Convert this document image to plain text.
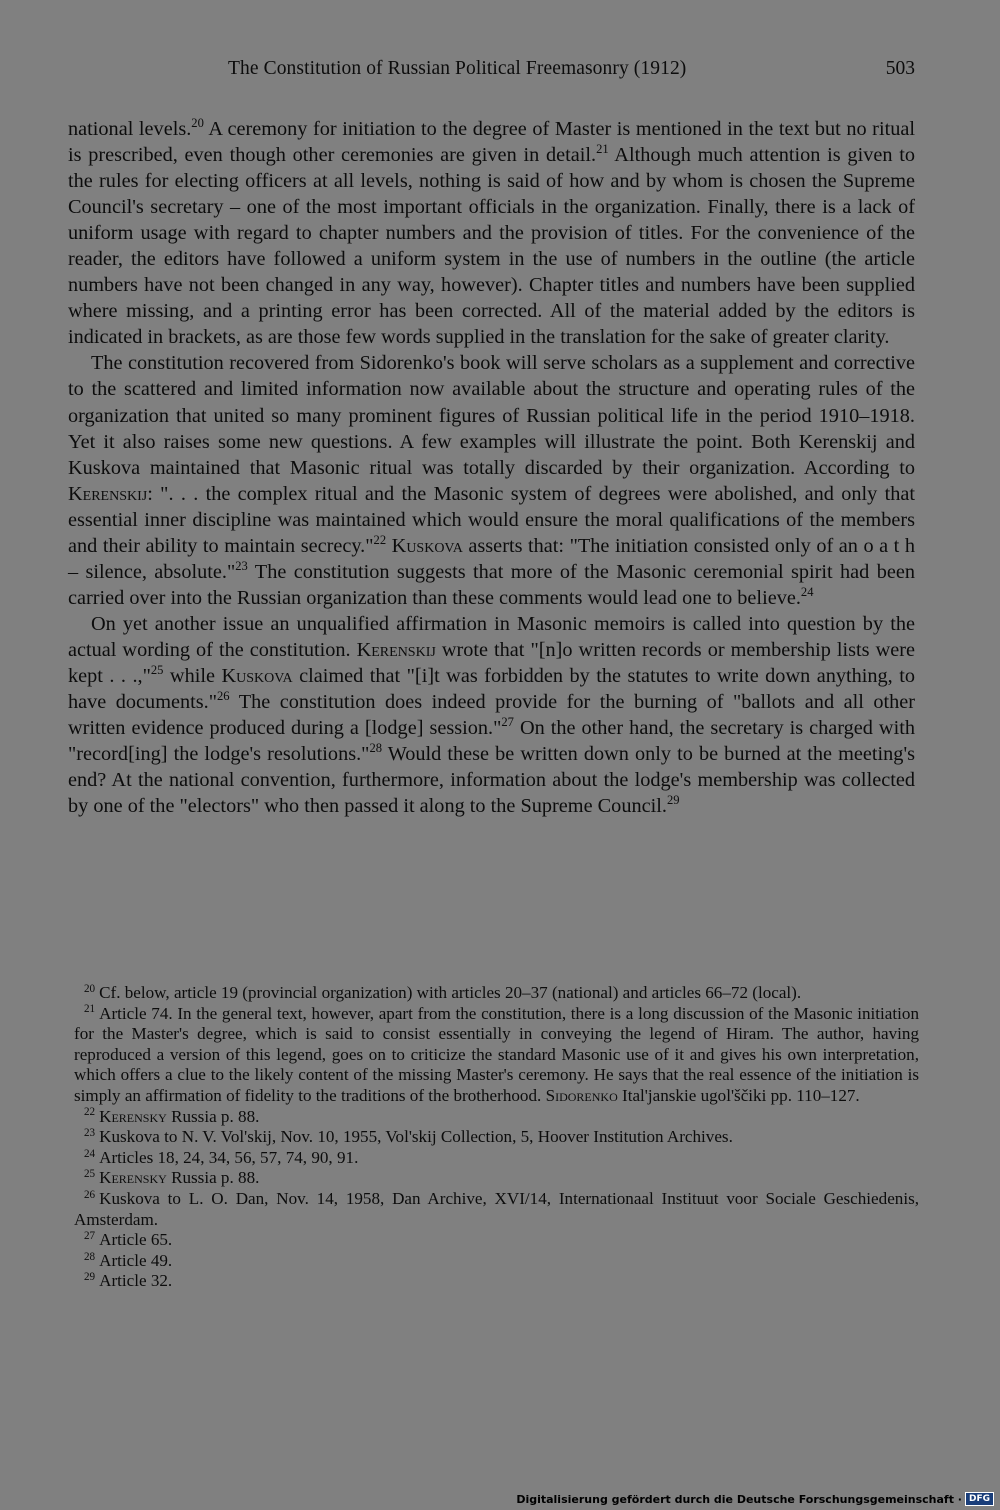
The Constitution of Russian Political Freemasonry (1912)	503

national levels.$^{20}$ A ceremony for initiation to the degree of Master is mentioned in the text but no ritual is prescribed, even though other ceremonies are given in detail.$^{21}$ Although much attention is given to the rules for electing officers at all levels, nothing is said of how and by whom is chosen the Supreme Council's secretary – one of the most important officials in the organization. Finally, there is a lack of uniform usage with regard to chapter numbers and the provision of titles. For the convenience of the reader, the editors have followed a uniform system in the use of numbers in the outline (the article numbers have not been changed in any way, however). Chapter titles and numbers have been supplied where missing, and a printing error has been corrected. All of the material added by the editors is indicated in brackets, as are those few words supplied in the translation for the sake of greater clarity.

The constitution recovered from Sidorenko's book will serve scholars as a supplement and corrective to the scattered and limited information now available about the structure and operating rules of the organization that united so many prominent figures of Russian political life in the period 1910–1918. Yet it also raises some new questions. A few examples will illustrate the point. Both Kerenskij and Kuskova maintained that Masonic ritual was totally discarded by their organization. According to Kerenskij: ". . . the complex ritual and the Masonic system of degrees were abolished, and only that essential inner discipline was maintained which would ensure the moral qualifications of the members and their ability to maintain secrecy."$^{22}$ Kuskova asserts that: "The initiation consisted only of an o a t h – silence, absolute."$^{23}$ The constitution suggests that more of the Masonic ceremonial spirit had been carried over into the Russian organization than these comments would lead one to believe.$^{24}$

On yet another issue an unqualified affirmation in Masonic memoirs is called into question by the actual wording of the constitution. Kerenskij wrote that "[n]o written records or membership lists were kept . . .,"$^{25}$ while Kuskova claimed that "[i]t was forbidden by the statutes to write down anything, to have documents."$^{26}$ The constitution does indeed provide for the burning of "ballots and all other written evidence produced during a [lodge] session."$^{27}$ On the other hand, the secretary is charged with "record[ing] the lodge's resolutions."$^{28}$ Would these be written down only to be burned at the meeting's end? At the national convention, furthermore, information about the lodge's membership was collected by one of the "electors" who then passed it along to the Supreme Council.$^{29}$

$^{20}$ Cf. below, article 19 (provincial organization) with articles 20–37 (national) and articles 66–72 (local).

$^{21}$ Article 74. In the general text, however, apart from the constitution, there is a long discussion of the Masonic initiation for the Master's degree, which is said to consist essentially in conveying the legend of Hiram. The author, having reproduced a version of this legend, goes on to criticize the standard Masonic use of it and gives his own interpretation, which offers a clue to the likely content of the missing Master's ceremony. He says that the real essence of the initiation is simply an affirmation of fidelity to the traditions of the brotherhood. Sidorenko Ital'janskie ugol'ščiki pp. 110–127.

$^{22}$ Kerensky Russia p. 88.

$^{23}$ Kuskova to N. V. Vol'skij, Nov. 10, 1955, Vol'skij Collection, 5, Hoover Institution Archives.

$^{24}$ Articles 18, 24, 34, 56, 57, 74, 90, 91.

$^{25}$ Kerensky Russia p. 88.

$^{26}$ Kuskova to L. O. Dan, Nov. 14, 1958, Dan Archive, XVI/14, Internationaal Instituut voor Sociale Geschiedenis, Amsterdam.

$^{27}$ Article 65.

$^{28}$ Article 49.

$^{29}$ Article 32.

Digitalisierung gefördert durch die Deutsche Forschungsgemeinschaft · DFG
